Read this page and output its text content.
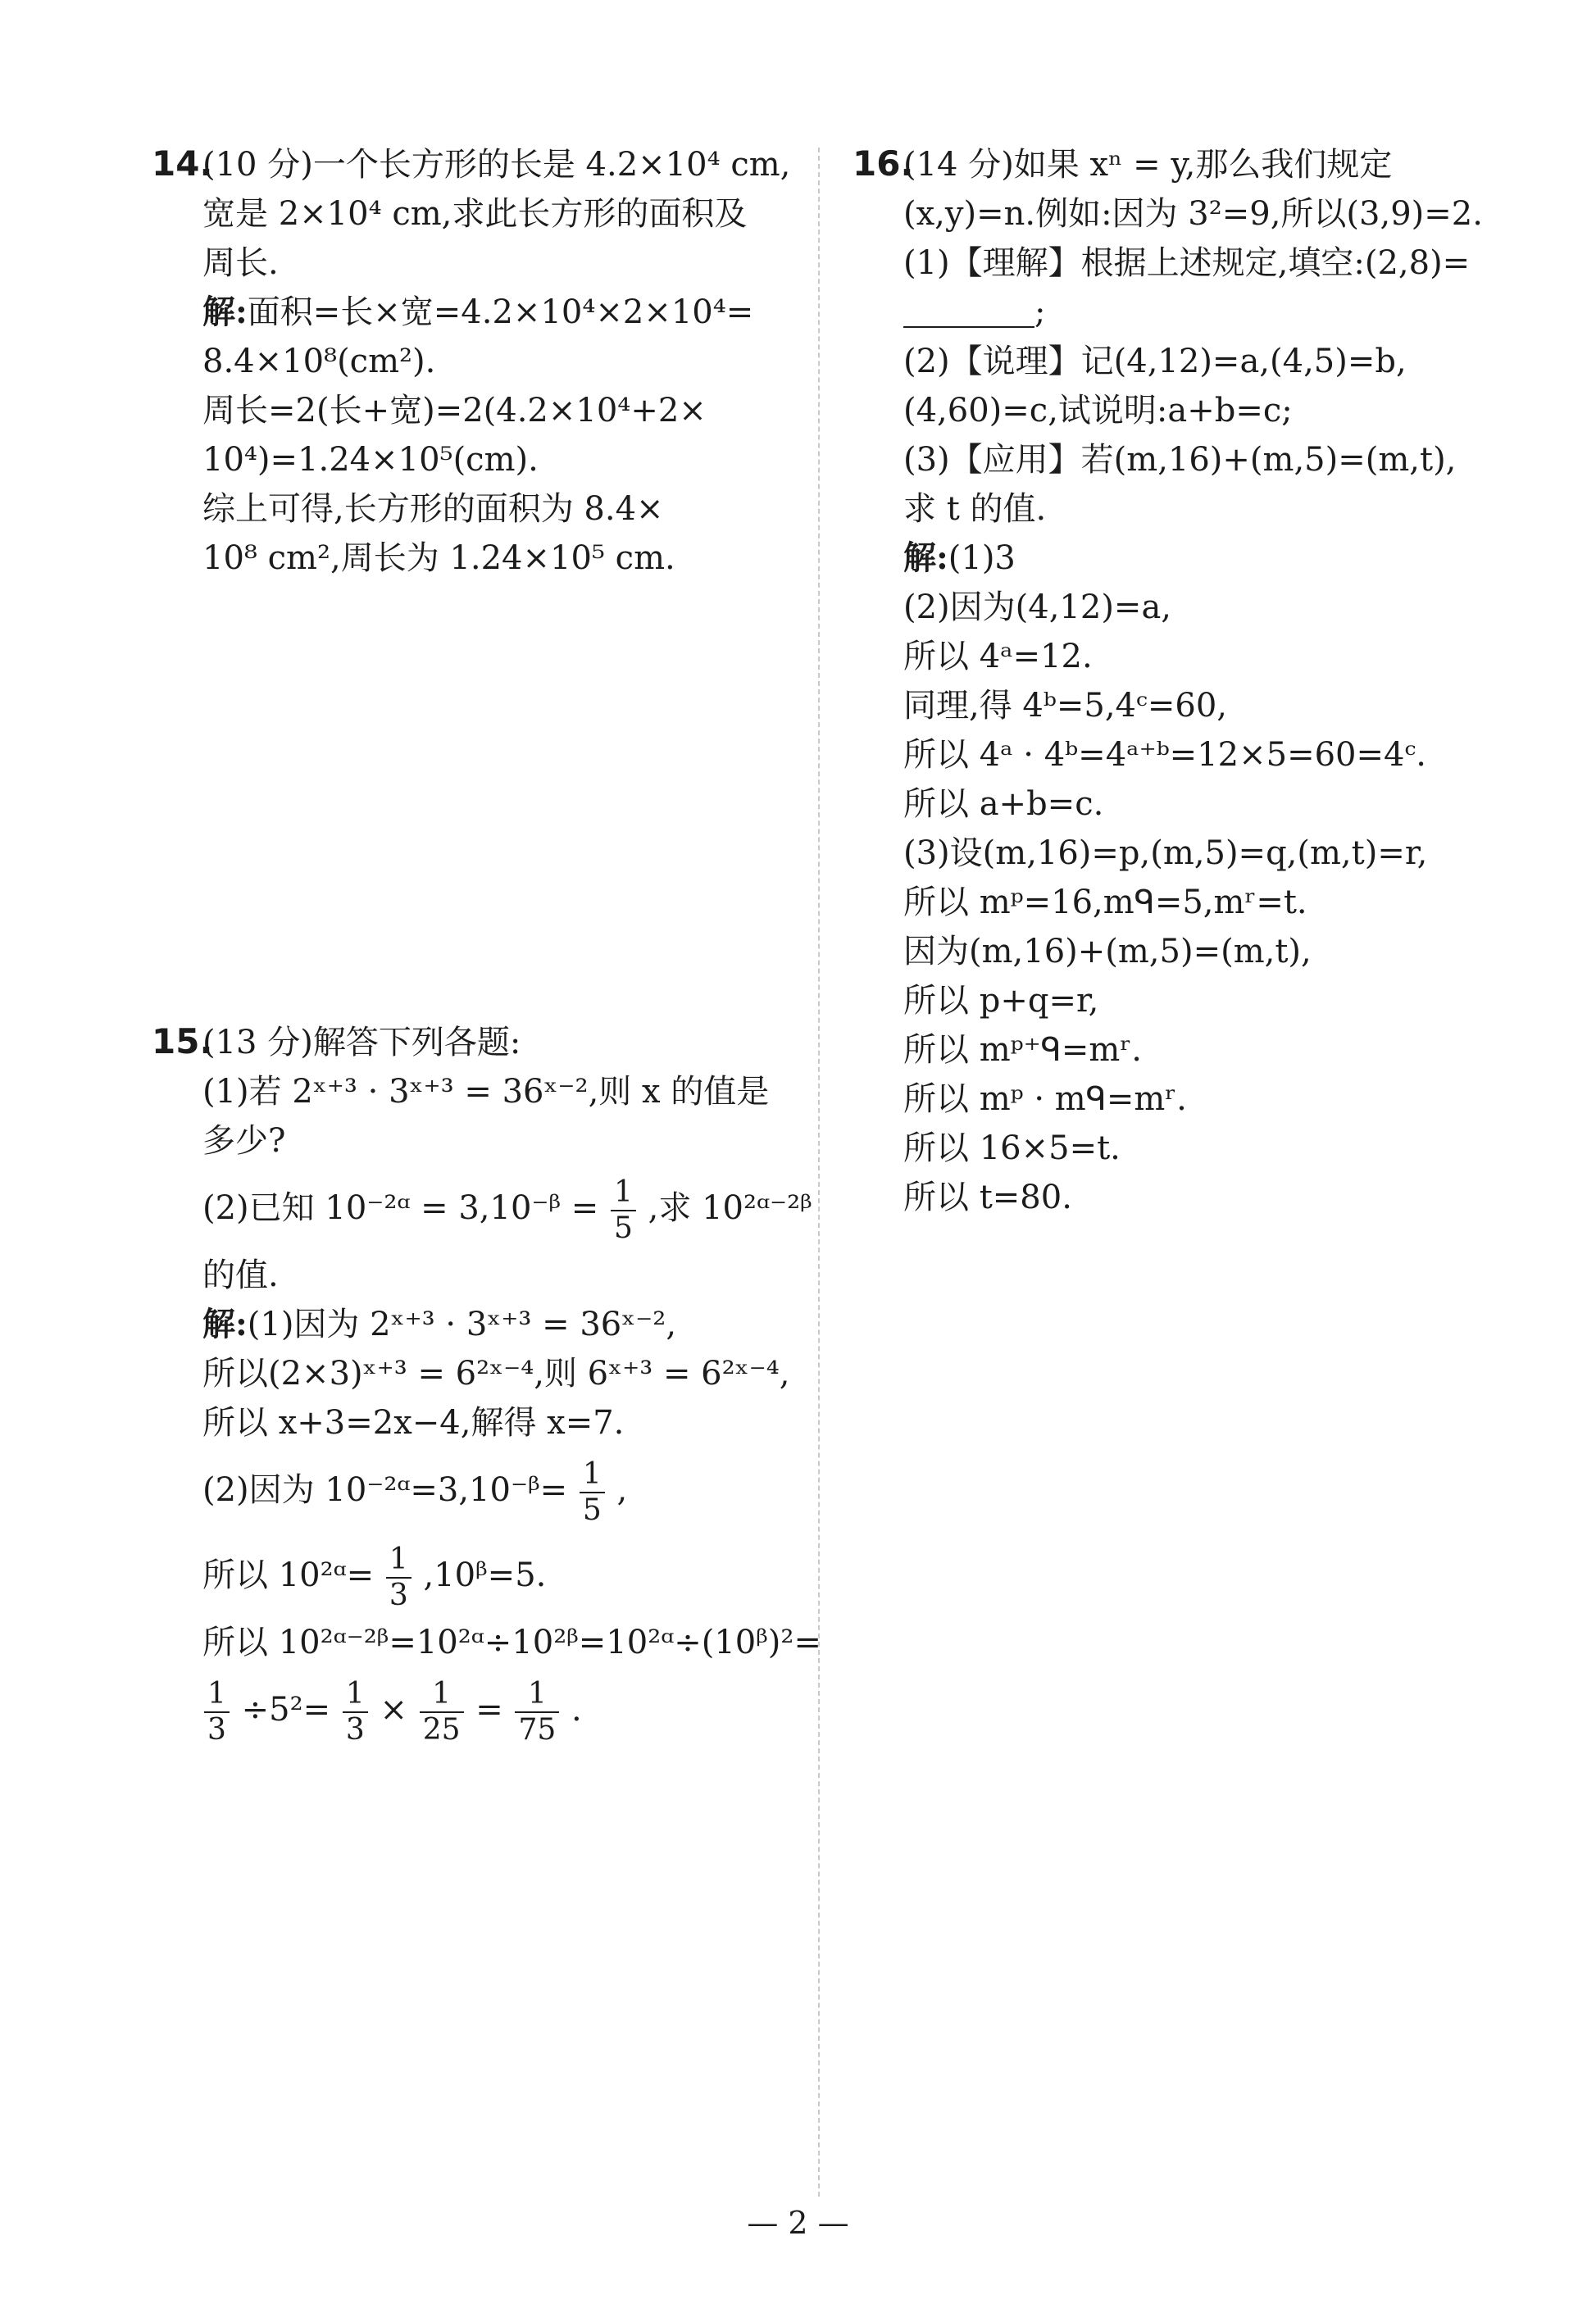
14.(10 分)一个长方形的长是 4.2×10⁴ cm,
宽是 2×10⁴ cm,求此长方形的面积及
周长.
解:面积=长×宽=4.2×10⁴×2×10⁴=
8.4×10⁸(cm²).
周长=2(长+宽)=2(4.2×10⁴+2×
10⁴)=1.24×10⁵(cm).
综上可得,长方形的面积为 8.4×
10⁸ cm²,周长为 1.24×10⁵ cm.
15.(13 分)解答下列各题:
(1)若 2ˣ⁺³ · 3ˣ⁺³ = 36ˣ⁻²,则 x 的值是
多少?
(2)已知 10⁻²ᵅ = 3,10⁻ᵝ = $\frac{1}{5}$ ,求 10²ᵅ⁻²ᵝ
的值.
解:(1)因为 2ˣ⁺³ · 3ˣ⁺³ = 36ˣ⁻²,
所以(2×3)ˣ⁺³ = 6²ˣ⁻⁴,则 6ˣ⁺³ = 6²ˣ⁻⁴,
所以 x+3=2x−4,解得 x=7.
(2)因为 10⁻²ᵅ=3,10⁻ᵝ= $\frac{1}{5}$ ,
所以 10²ᵅ= $\frac{1}{3}$ ,10ᵝ=5.
所以 10²ᵅ⁻²ᵝ=10²ᵅ÷10²ᵝ=10²ᵅ÷(10ᵝ)²=
$\frac{1}{3} \div 5^2= \frac{1}{3} \times \frac{1}{25} = \frac{1}{75}$ .
16.(14 分)如果 xⁿ = y,那么我们规定
(x,y)=n.例如:因为 3²=9,所以(3,9)=2.
(1)【理解】根据上述规定,填空:(2,8)=
;
(2)【说理】记(4,12)=a,(4,5)=b,
(4,60)=c,试说明:a+b=c;
(3)【应用】若(m,16)+(m,5)=(m,t),
求 t 的值.
解:(1)3
(2)因为(4,12)=a,
所以 4ᵃ=12.
同理,得 4ᵇ=5,4ᶜ=60,
所以 4ᵃ · 4ᵇ=4ᵃ⁺ᵇ=12×5=60=4ᶜ.
所以 a+b=c.
(3)设(m,16)=p,(m,5)=q,(m,t)=r,
所以 mᵖ=16,mᑫ=5,mʳ=t.
因为(m,16)+(m,5)=(m,t),
所以 p+q=r,
所以 mᵖ⁺ᑫ=mʳ.
所以 mᵖ · mᑫ=mʳ.
所以 16×5=t.
所以 t=80.
— 2 —
